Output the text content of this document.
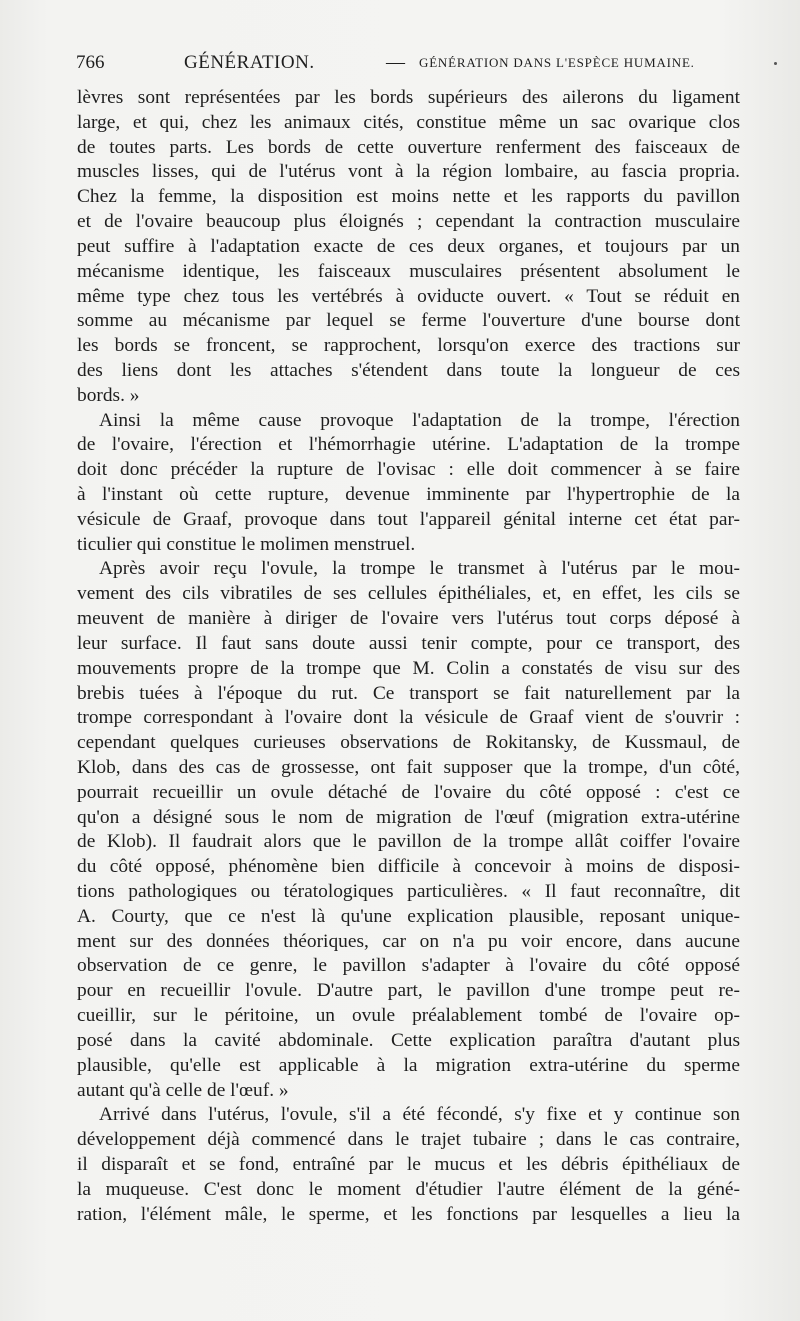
766	GÉNÉRATION.	— GÉNÉRATION DANS L'ESPÈCE HUMAINE.
lèvres sont représentées par les bords supérieurs des ailerons du ligament
large, et qui, chez les animaux cités, constitue même un sac ovarique clos
de toutes parts. Les bords de cette ouverture renferment des faisceaux de
muscles lisses, qui de l'utérus vont à la région lombaire, au fascia propria.
Chez la femme, la disposition est moins nette et les rapports du pavillon
et de l'ovaire beaucoup plus éloignés ; cependant la contraction musculaire
peut suffire à l'adaptation exacte de ces deux organes, et toujours par un
mécanisme identique, les faisceaux musculaires présentent absolument le
même type chez tous les vertébrés à oviducte ouvert. « Tout se réduit en
somme au mécanisme par lequel se ferme l'ouverture d'une bourse dont
les bords se froncent, se rapprochent, lorsqu'on exerce des tractions sur
des liens dont les attaches s'étendent dans toute la longueur de ces
bords. »
Ainsi la même cause provoque l'adaptation de la trompe, l'érection
de l'ovaire, l'érection et l'hémorrhagie utérine. L'adaptation de la trompe
doit donc précéder la rupture de l'ovisac : elle doit commencer à se faire
à l'instant où cette rupture, devenue imminente par l'hypertrophie de la
vésicule de Graaf, provoque dans tout l'appareil génital interne cet état par-
ticulier qui constitue le molimen menstruel.
Après avoir reçu l'ovule, la trompe le transmet à l'utérus par le mou-
vement des cils vibratiles de ses cellules épithéliales, et, en effet, les cils se
meuvent de manière à diriger de l'ovaire vers l'utérus tout corps déposé à
leur surface. Il faut sans doute aussi tenir compte, pour ce transport, des
mouvements propre de la trompe que M. Colin a constatés de visu sur des
brebis tuées à l'époque du rut. Ce transport se fait naturellement par la
trompe correspondant à l'ovaire dont la vésicule de Graaf vient de s'ouvrir :
cependant quelques curieuses observations de Rokitansky, de Kussmaul, de
Klob, dans des cas de grossesse, ont fait supposer que la trompe, d'un côté,
pourrait recueillir un ovule détaché de l'ovaire du côté opposé : c'est ce
qu'on a désigné sous le nom de migration de l'œuf (migration extra-utérine
de Klob). Il faudrait alors que le pavillon de la trompe allât coiffer l'ovaire
du côté opposé, phénomène bien difficile à concevoir à moins de disposi-
tions pathologiques ou tératologiques particulières. « Il faut reconnaître, dit
A. Courty, que ce n'est là qu'une explication plausible, reposant unique-
ment sur des données théoriques, car on n'a pu voir encore, dans aucune
observation de ce genre, le pavillon s'adapter à l'ovaire du côté opposé
pour en recueillir l'ovule. D'autre part, le pavillon d'une trompe peut re-
cueillir, sur le péritoine, un ovule préalablement tombé de l'ovaire op-
posé dans la cavité abdominale. Cette explication paraîtra d'autant plus
plausible, qu'elle est applicable à la migration extra-utérine du sperme
autant qu'à celle de l'œuf. »
Arrivé dans l'utérus, l'ovule, s'il a été fécondé, s'y fixe et y continue son
développement déjà commencé dans le trajet tubaire ; dans le cas contraire,
il disparaît et se fond, entraîné par le mucus et les débris épithéliaux de
la muqueuse. C'est donc le moment d'étudier l'autre élément de la géné-
ration, l'élément mâle, le sperme, et les fonctions par lesquelles a lieu la
